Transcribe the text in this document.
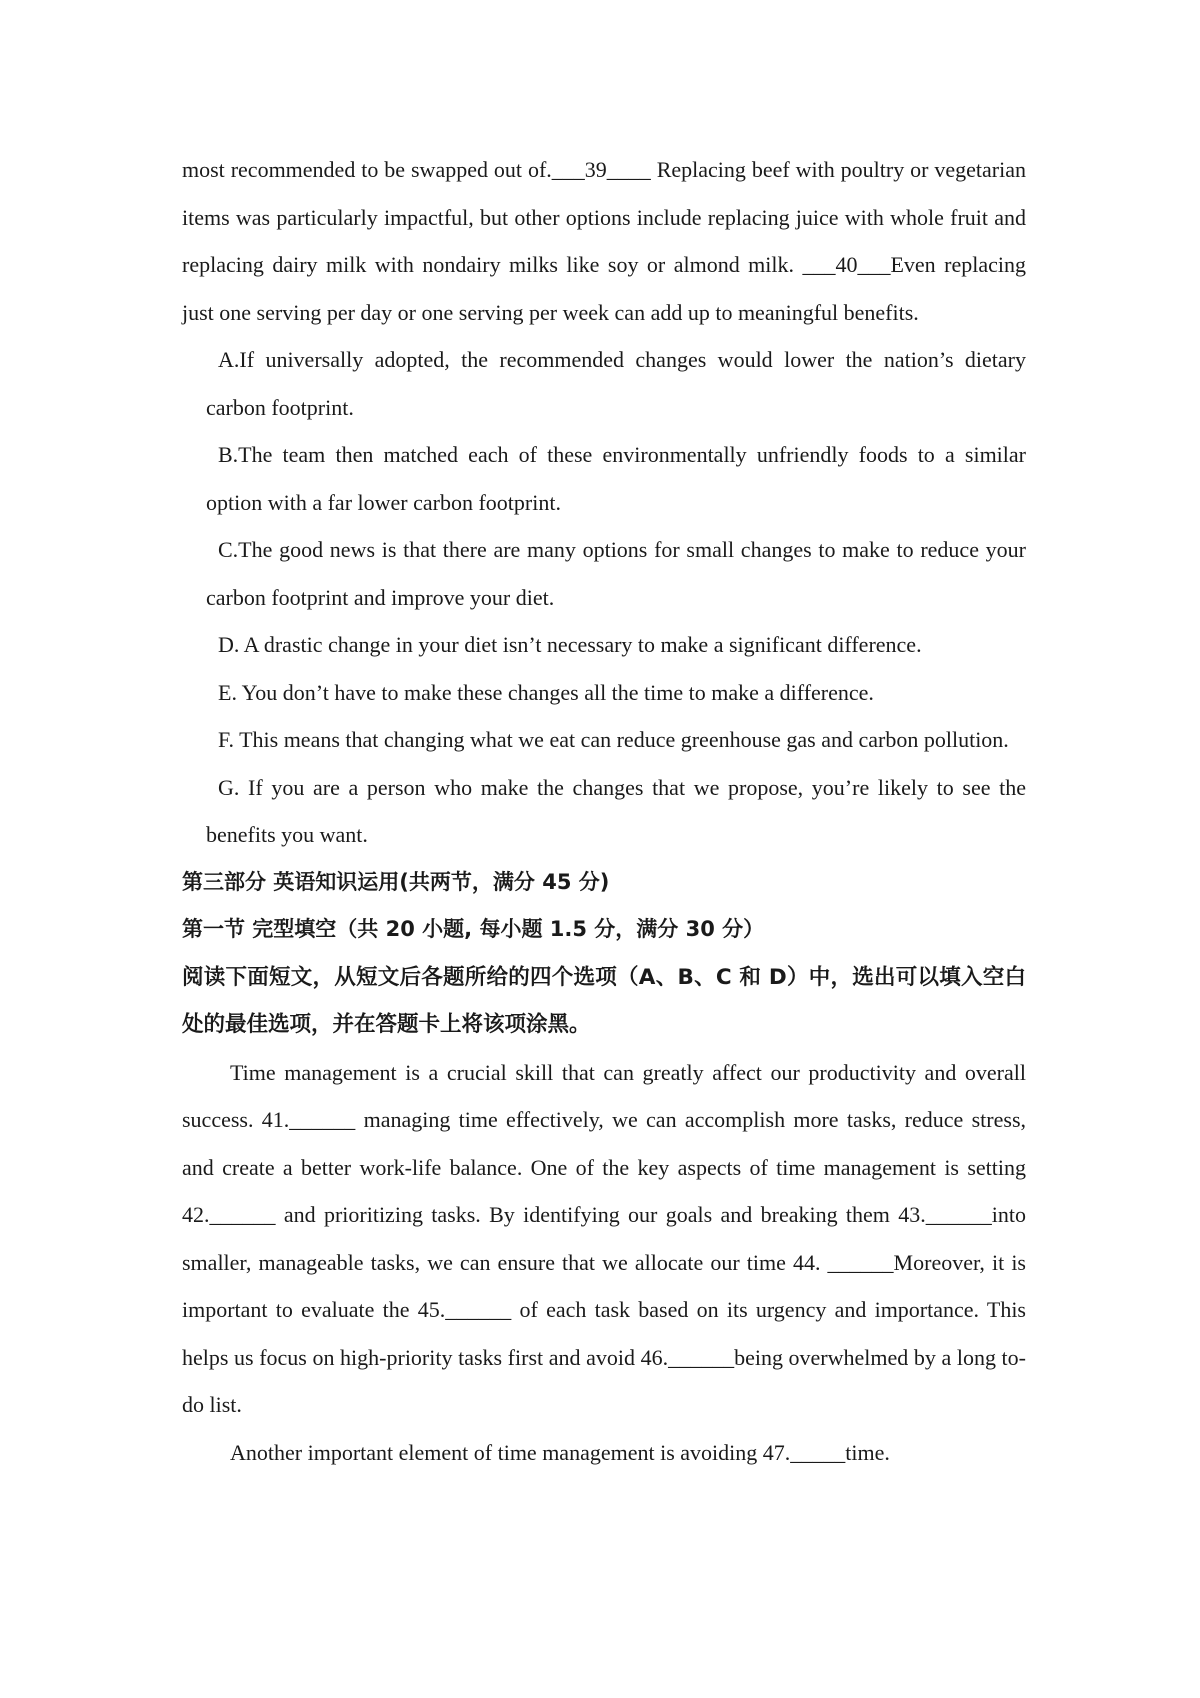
most recommended to be swapped out of.___39____ Replacing beef with poultry or vegetarian items was particularly impactful, but other options include replacing juice with whole fruit and replacing dairy milk with nondairy milks like soy or almond milk. ___40___Even replacing just one serving per day or one serving per week can add up to meaningful benefits.

A.If universally adopted, the recommended changes would lower the nation’s dietary carbon footprint.

B.The team then matched each of these environmentally unfriendly foods to a similar option with a far lower carbon footprint.

C.The good news is that there are many options for small changes to make to reduce your carbon footprint and improve your diet.

D. A drastic change in your diet isn’t necessary to make a significant difference.

E. You don’t have to make these changes all the time to make a difference.

F. This means that changing what we eat can reduce greenhouse gas and carbon pollution.

G. If you are a person who make the changes that we propose, you’re likely to see the benefits you want.

第三部分 英语知识运用(共两节，满分 45 分)

第一节 完型填空（共 20 小题, 每小题 1.5 分，满分 30 分）

阅读下面短文，从短文后各题所给的四个选项（A、B、C 和 D）中，选出可以填入空白处的最佳选项，并在答题卡上将该项涂黑。

Time management is a crucial skill that can greatly affect our productivity and overall success. 41.______ managing time effectively, we can accomplish more tasks, reduce stress, and create a better work-life balance. One of the key aspects of time management is setting 42.______ and prioritizing tasks. By identifying our goals and breaking them 43.______into smaller, manageable tasks, we can ensure that we allocate our time 44. ______Moreover, it is important to evaluate the 45.______ of each task based on its urgency and importance. This helps us focus on high-priority tasks first and avoid 46.______being overwhelmed by a long to-do list.

Another important element of time management is avoiding 47._____time.
